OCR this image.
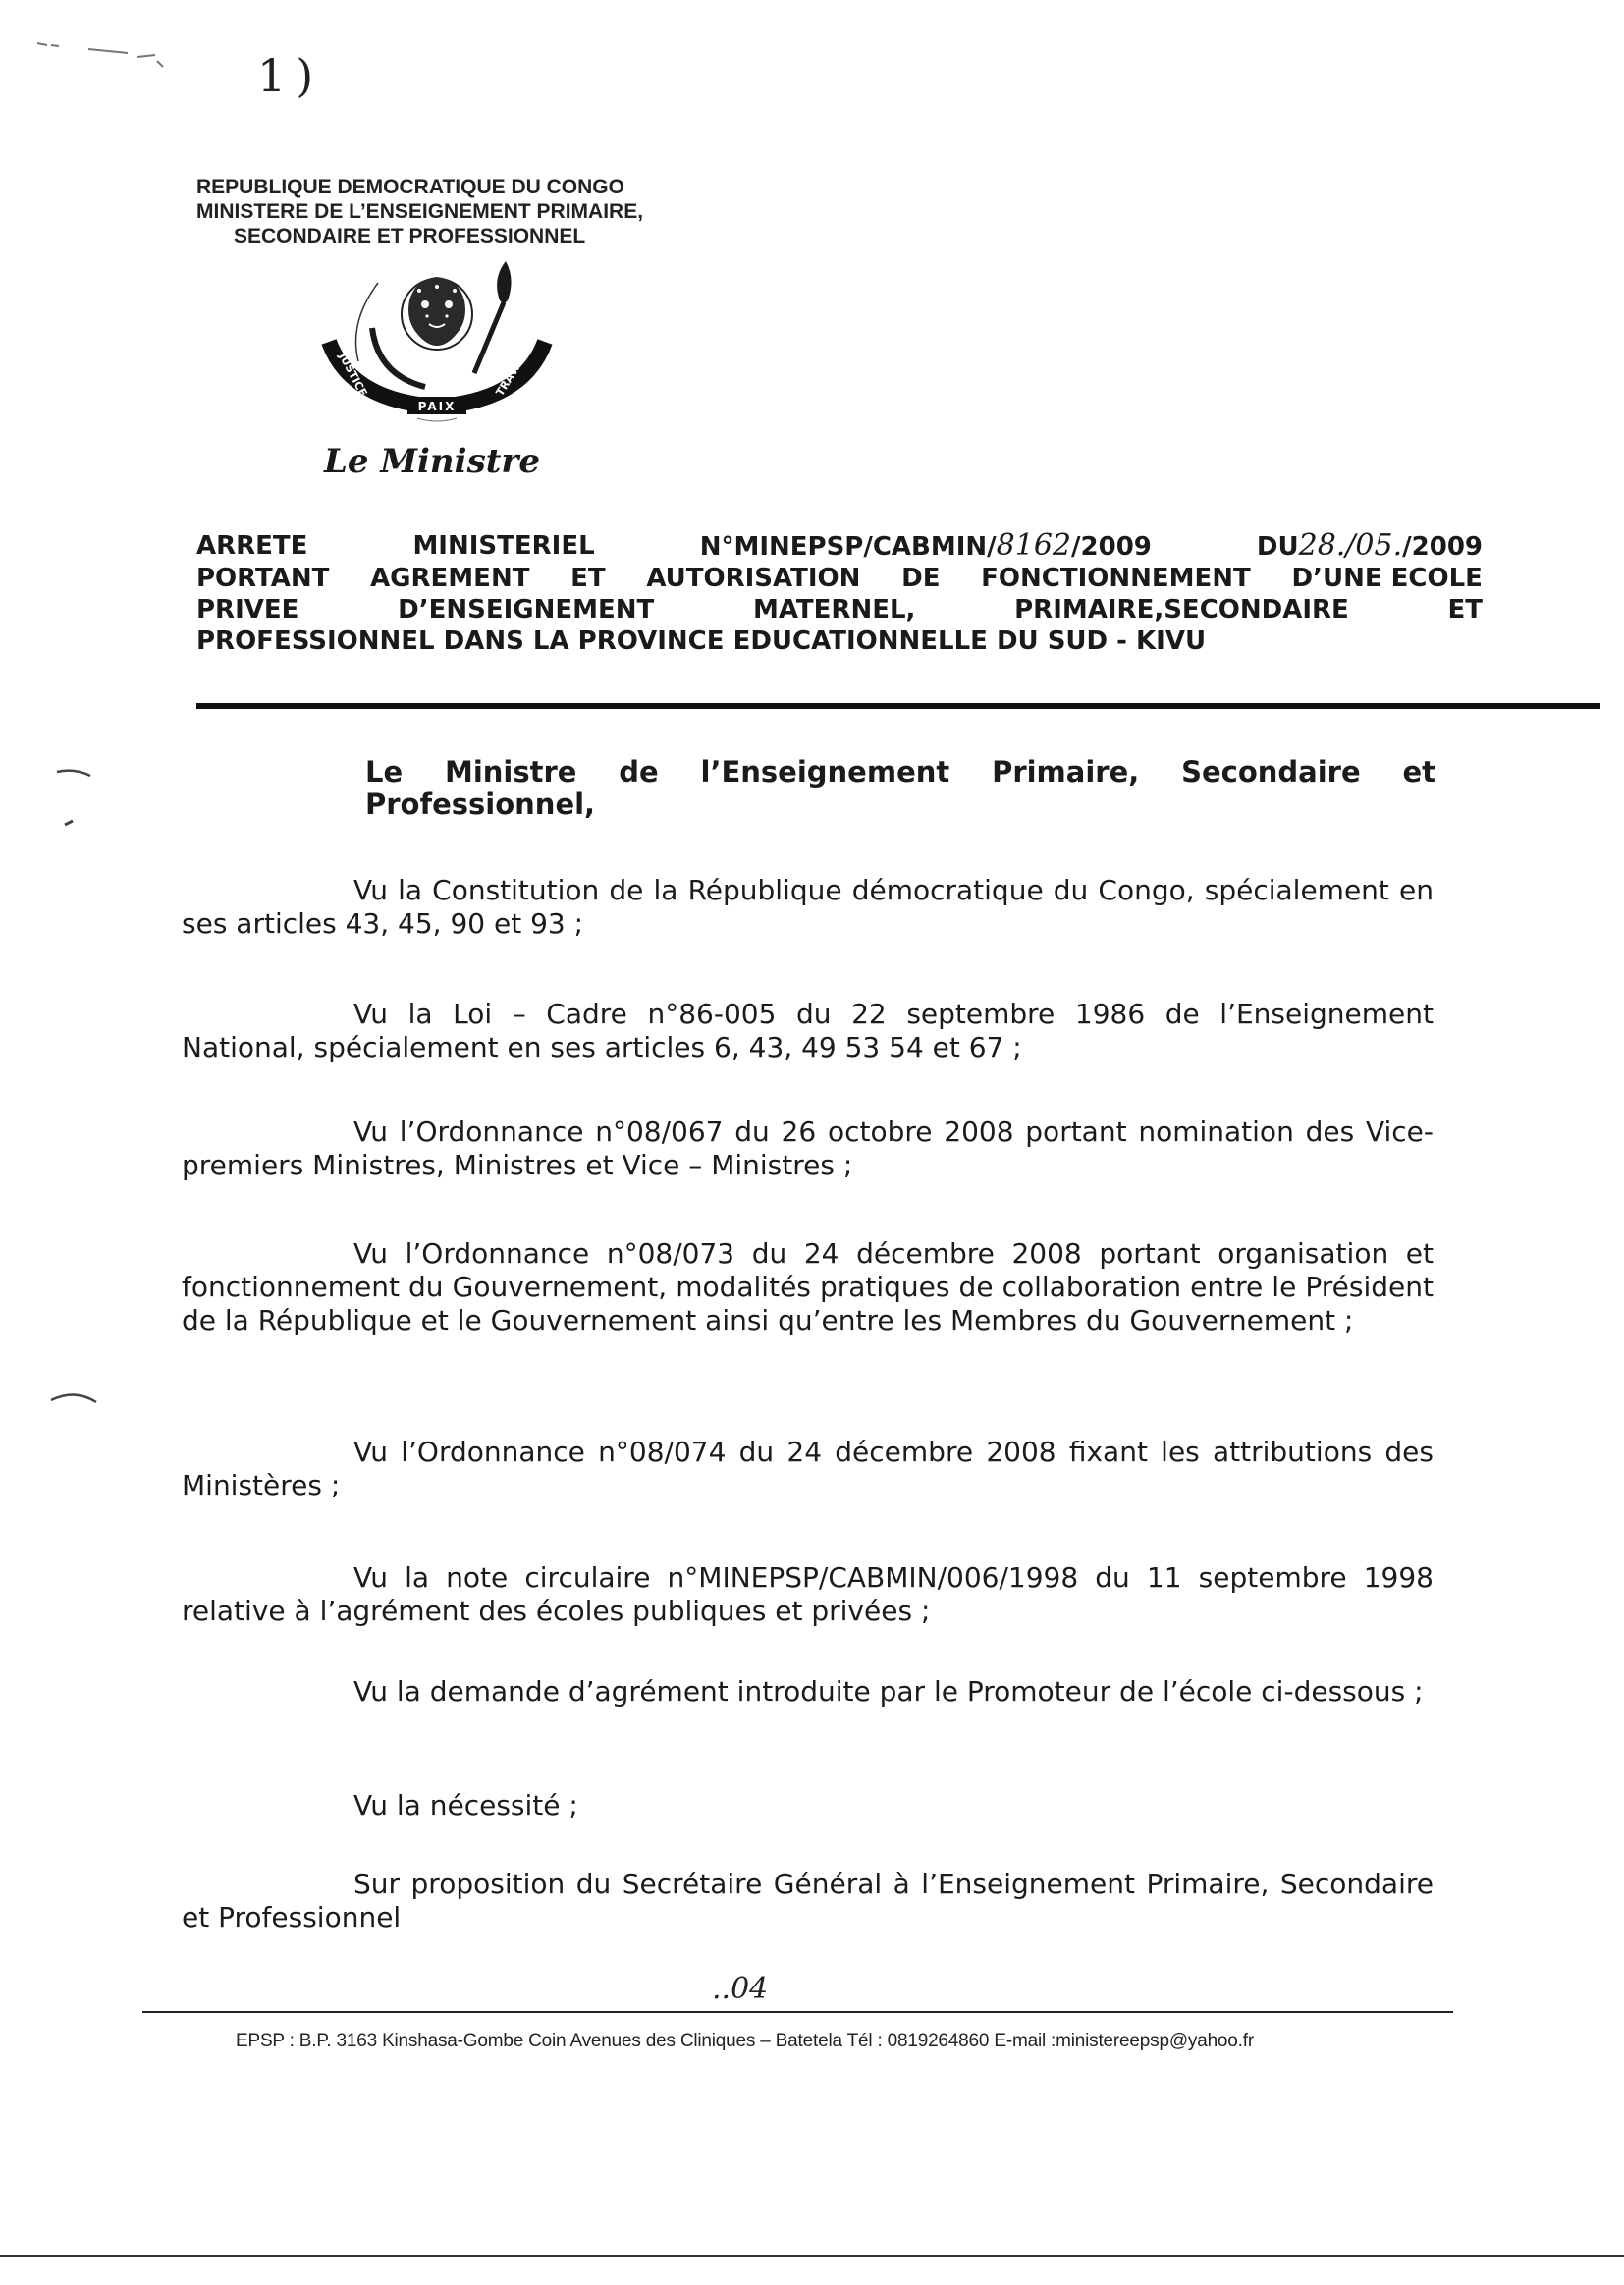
1)
REPUBLIQUE DEMOCRATIQUE DU CONGO
MINISTERE DE L’ENSEIGNEMENT PRIMAIRE,
SECONDAIRE ET PROFESSIONNEL
JUSTICE
PAIX
TRAVAIL
Le Ministre
ARRETE	MINISTERIEL	N°MINEPSP/CABMIN/8162/2009	DU28./05./2009
PORTANT AGREMENT ET AUTORISATION DE FONCTIONNEMENT D’UNE ECOLE
PRIVEE	D’ENSEIGNEMENT	MATERNEL,	PRIMAIRE,SECONDAIRE	ET
PROFESSIONNEL DANS LA PROVINCE EDUCATIONNELLE DU SUD - KIVU
Le Ministre de l’Enseignement Primaire, Secondaire et Professionnel,

Vu la Constitution de la République démocratique du Congo, spécialement en ses articles 43, 45, 90 et 93 ;

Vu la Loi – Cadre n°86-005 du 22 septembre 1986 de l’Enseignement National, spécialement en ses articles 6, 43, 49 53 54 et 67 ;

Vu l’Ordonnance n°08/067 du 26 octobre 2008 portant nomination des Vice-premiers Ministres, Ministres et Vice – Ministres ;

Vu l’Ordonnance n°08/073 du 24 décembre 2008 portant organisation et fonctionnement du Gouvernement, modalités pratiques de collaboration entre le Président de la République et le Gouvernement ainsi qu’entre les Membres du Gouvernement ;

Vu l’Ordonnance n°08/074 du 24 décembre 2008 fixant les attributions des Ministères ;

Vu la note circulaire n°MINEPSP/CABMIN/006/1998 du 11 septembre 1998 relative à l’agrément des écoles publiques et privées ;

Vu la demande d’agrément introduite par le Promoteur de l’école ci-dessous ;

Vu la nécessité ;

Sur proposition du Secrétaire Général à l’Enseignement Primaire, Secondaire et Professionnel

..04
EPSP : B.P. 3163 Kinshasa-Gombe Coin Avenues des Cliniques – Batetela Tél : 0819264860 E-mail :ministereepsp@yahoo.fr
